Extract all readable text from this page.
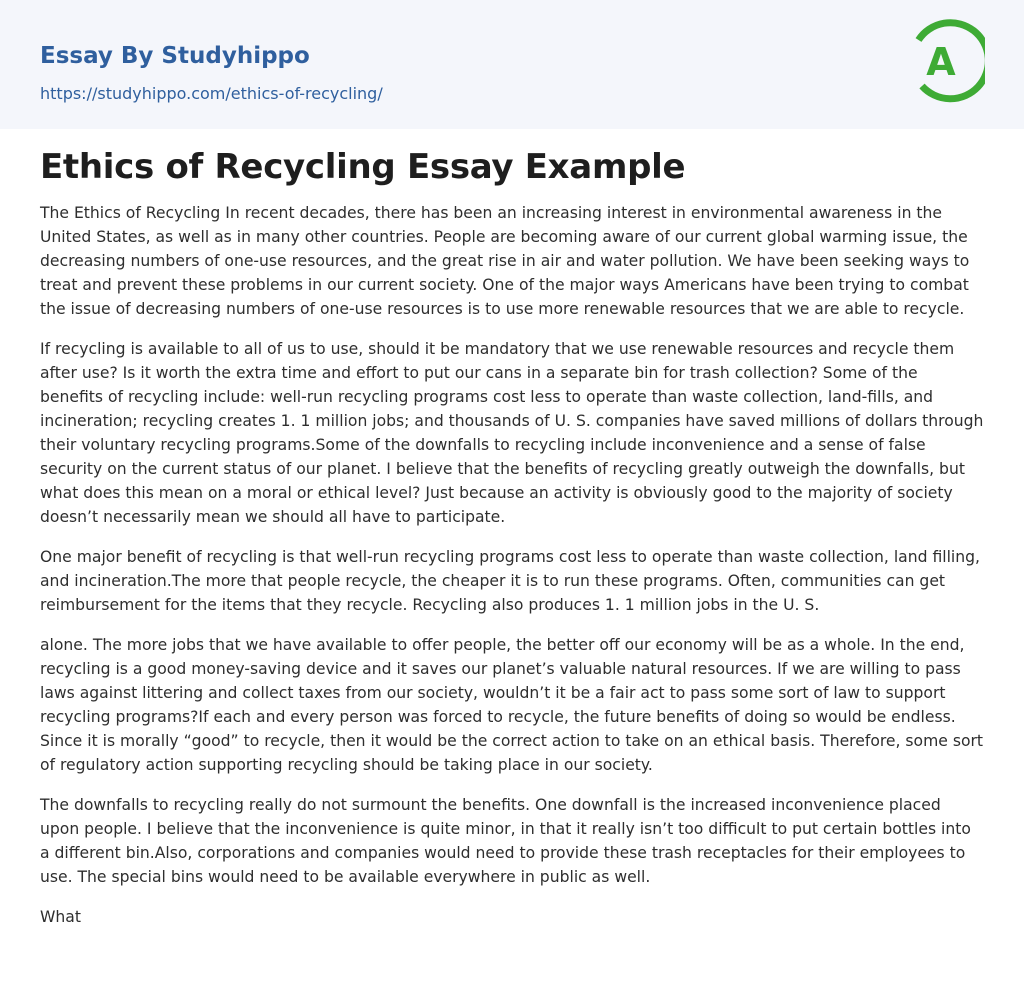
Essay By Studyhippo
https://studyhippo.com/ethics-of-recycling/
A
Ethics of Recycling Essay Example

The Ethics of Recycling In recent decades, there has been an increasing interest in environmental awareness in the United States, as well as in many other countries. People are becoming aware of our current global warming issue, the decreasing numbers of one-use resources, and the great rise in air and water pollution. We have been seeking ways to treat and prevent these problems in our current society. One of the major ways Americans have been trying to combat the issue of decreasing numbers of one-use resources is to use more renewable resources that we are able to recycle.

If recycling is available to all of us to use, should it be mandatory that we use renewable resources and recycle them after use? Is it worth the extra time and effort to put our cans in a separate bin for trash collection? Some of the benefits of recycling include: well-run recycling programs cost less to operate than waste collection, land-fills, and incineration; recycling creates 1. 1 million jobs; and thousands of U. S. companies have saved millions of dollars through their voluntary recycling programs.Some of the downfalls to recycling include inconvenience and a sense of false security on the current status of our planet. I believe that the benefits of recycling greatly outweigh the downfalls, but what does this mean on a moral or ethical level? Just because an activity is obviously good to the majority of society doesn’t necessarily mean we should all have to participate.

One major benefit of recycling is that well-run recycling programs cost less to operate than waste collection, land filling, and incineration.The more that people recycle, the cheaper it is to run these programs. Often, communities can get reimbursement for the items that they recycle. Recycling also produces 1. 1 million jobs in the U. S.

alone. The more jobs that we have available to offer people, the better off our economy will be as a whole. In the end, recycling is a good money-saving device and it saves our planet’s valuable natural resources. If we are willing to pass laws against littering and collect taxes from our society, wouldn’t it be a fair act to pass some sort of law to support recycling programs?If each and every person was forced to recycle, the future benefits of doing so would be endless. Since it is morally “good” to recycle, then it would be the correct action to take on an ethical basis. Therefore, some sort of regulatory action supporting recycling should be taking place in our society.

The downfalls to recycling really do not surmount the benefits. One downfall is the increased inconvenience placed upon people. I believe that the inconvenience is quite minor, in that it really isn’t too difficult to put certain bottles into a different bin.Also, corporations and companies would need to provide these trash receptacles for their employees to use. The special bins would need to be available everywhere in public as well.

What
